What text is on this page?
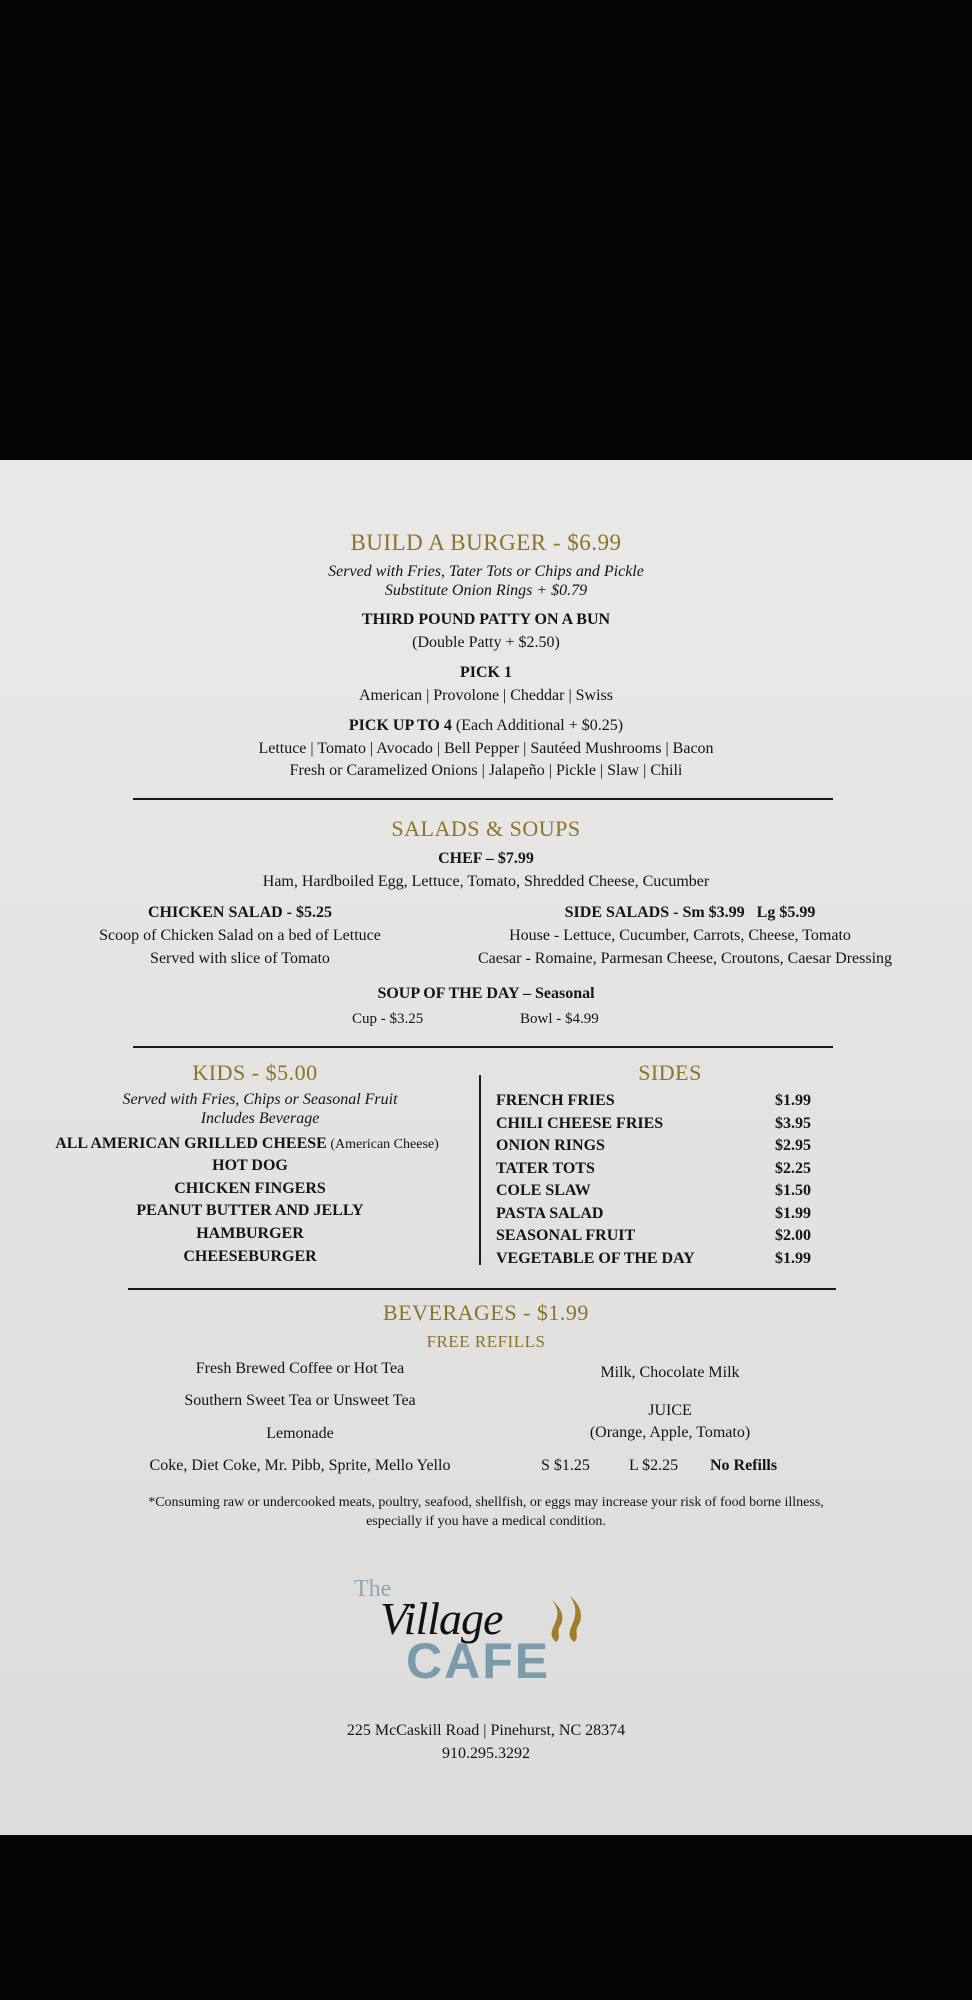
BUILD A BURGER - $6.99
Served with Fries, Tater Tots or Chips and Pickle
Substitute Onion Rings + $0.79
THIRD POUND PATTY ON A BUN
(Double Patty + $2.50)
PICK 1
American | Provolone | Cheddar | Swiss
PICK UP TO 4 (Each Additional + $0.25)
Lettuce | Tomato | Avocado | Bell Pepper | Sautéed Mushrooms | Bacon
Fresh or Caramelized Onions | Jalapeño | Pickle | Slaw | Chili
SALADS & SOUPS
CHEF – $7.99
Ham, Hardboiled Egg, Lettuce, Tomato, Shredded Cheese, Cucumber
CHICKEN SALAD - $5.25
Scoop of Chicken Salad on a bed of Lettuce
Served with slice of Tomato
SIDE SALADS - Sm $3.99   Lg $5.99
House - Lettuce, Cucumber, Carrots, Cheese, Tomato
Caesar - Romaine, Parmesan Cheese, Croutons, Caesar Dressing
SOUP OF THE DAY – Seasonal
Cup - $3.25	Bowl - $4.99
KIDS - $5.00
Served with Fries, Chips or Seasonal Fruit
Includes Beverage
ALL AMERICAN GRILLED CHEESE (American Cheese)
HOT DOG
CHICKEN FINGERS
PEANUT BUTTER AND JELLY
HAMBURGER
CHEESEBURGER
SIDES
FRENCH FRIES	$1.99
CHILI CHEESE FRIES	$3.95
ONION RINGS	$2.95
TATER TOTS	$2.25
COLE SLAW	$1.50
PASTA SALAD	$1.99
SEASONAL FRUIT	$2.00
VEGETABLE OF THE DAY	$1.99
BEVERAGES - $1.99
FREE REFILLS
Fresh Brewed Coffee or Hot Tea
Southern Sweet Tea or Unsweet Tea
Lemonade
Coke, Diet Coke, Mr. Pibb, Sprite, Mello Yello
Milk, Chocolate Milk
JUICE
(Orange, Apple, Tomato)
S $1.25 L $2.25 No Refills
*Consuming raw or undercooked meats, poultry, seafood, shellfish, or eggs may increase your risk of food borne illness,
especially if you have a medical condition.
The
Village
CAFE
225 McCaskill Road | Pinehurst, NC 28374
910.295.3292
